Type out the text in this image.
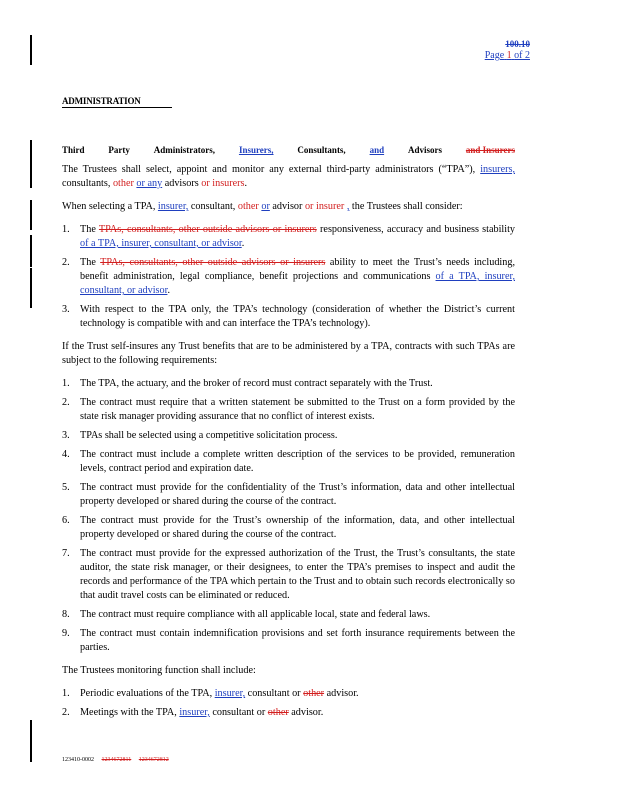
100.10
Page 1 of 2
ADMINISTRATION
Third	Party	Administrators,	Insurers,	Consultants,	and	Advisors	and Insurers

The Trustees shall select, appoint and monitor any external third-party administrators (“TPA”), insurers, consultants, other or any advisors or insurers.

When selecting a TPA, insurer, consultant, other or advisor or insurer , the Trustees shall consider:

1. The TPAs, consultants, other outside advisors or insurers responsiveness, accuracy and business stability of a TPA, insurer, consultant, or advisor.
2. The TPAs, consultants, other outside advisors or insurers ability to meet the Trust’s needs including, benefit administration, legal compliance, benefit projections and communications of a TPA, insurer, consultant, or advisor.
3. With respect to the TPA only, the TPA’s technology (consideration of whether the District’s current technology is compatible with and can interface the TPA’s technology).

If the Trust self-insures any Trust benefits that are to be administered by a TPA, contracts with such TPAs are subject to the following requirements:

1. The TPA, the actuary, and the broker of record must contract separately with the Trust.
2. The contract must require that a written statement be submitted to the Trust on a form provided by the state risk manager providing assurance that no conflict of interest exists.
3. TPAs shall be selected using a competitive solicitation process.
4. The contract must include a complete written description of the services to be provided, remuneration levels, contract period and expiration date.
5. The contract must provide for the confidentiality of the Trust’s information, data and other intellectual property developed or shared during the course of the contract.
6. The contract must provide for the Trust’s ownership of the information, data, and other intellectual property developed or shared during the course of the contract.
7. The contract must provide for the expressed authorization of the Trust, the Trust’s consultants, the state auditor, the state risk manager, or their designees, to enter the TPA’s premises to inspect and audit the records and performance of the TPA which pertain to the Trust and to obtain such records electronically so that audit travel costs can be eliminated or reduced.
8. The contract must require compliance with all applicable local, state and federal laws.
9. The contract must contain indemnification provisions and set forth insurance requirements between the parties.

The Trustees monitoring function shall include:

1. Periodic evaluations of the TPA, insurer, consultant or other advisor.
2. Meetings with the TPA, insurer, consultant or other advisor.
123410-0002 1234672811 1234672812
